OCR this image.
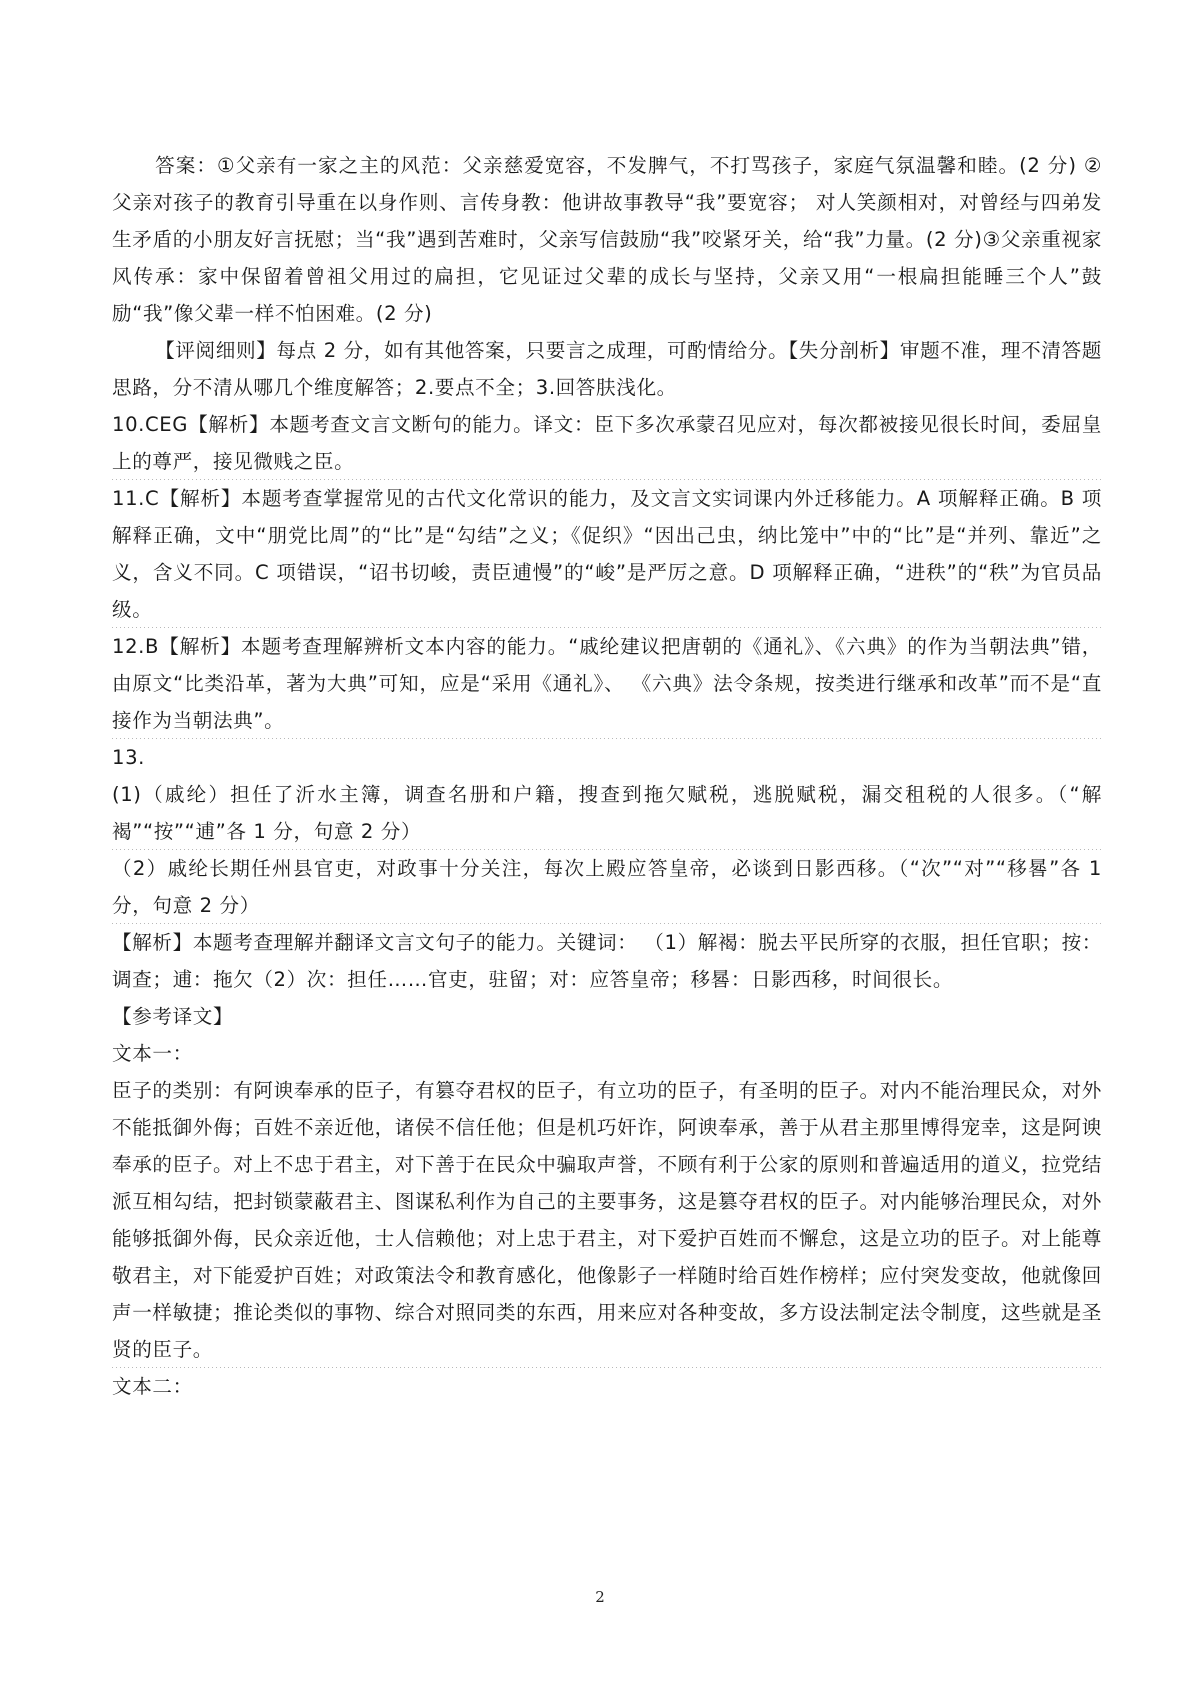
答案：①父亲有一家之主的风范：父亲慈爱宽容，不发脾气，不打骂孩子，家庭气氛温馨和睦。(2 分) ②父亲对孩子的教育引导重在以身作则、言传身教：他讲故事教导“我”要宽容； 对人笑颜相对，对曾经与四弟发生矛盾的小朋友好言抚慰；当“我”遇到苦难时，父亲写信鼓励“我”咬紧牙关，给“我”力量。(2 分)③父亲重视家风传承：家中保留着曾祖父用过的扁担，它见证过父辈的成长与坚持，父亲又用“一根扁担能睡三个人”鼓励“我”像父辈一样不怕困难。(2 分)

【评阅细则】每点 2 分，如有其他答案，只要言之成理，可酌情给分。【失分剖析】审题不准，理不清答题思路，分不清从哪几个维度解答；2.要点不全；3.回答肤浅化。

10.CEG【解析】本题考查文言文断句的能力。译文：臣下多次承蒙召见应对，每次都被接见很长时间，委屈皇上的尊严，接见微贱之臣。

11.C【解析】本题考查掌握常见的古代文化常识的能力，及文言文实词课内外迁移能力。A 项解释正确。B 项解释正确，文中“朋党比周”的“比”是“勾结”之义；《促织》“因出己虫，纳比笼中”中的“比”是“并列、靠近”之义，含义不同。C 项错误，“诏书切峻，责臣逋慢”的“峻”是严厉之意。D 项解释正确，“进秩”的“秩”为官员品级。

12.B【解析】本题考查理解辨析文本内容的能力。“戚纶建议把唐朝的《通礼》、《六典》的作为当朝法典”错，由原文“比类沿革，著为大典”可知，应是“采用《通礼》、 《六典》法令条规，按类进行继承和改革”而不是“直接作为当朝法典”。

13.

(1)（戚纶）担任了沂水主簿，调查名册和户籍，搜查到拖欠赋税，逃脱赋税，漏交租税的人很多。（“解褐”“按”“逋”各 1 分，句意 2 分）

（2）戚纶长期任州县官吏，对政事十分关注，每次上殿应答皇帝，必谈到日影西移。（“次”“对”“移晷”各 1 分，句意 2 分）

【解析】本题考查理解并翻译文言文句子的能力。关键词： （1）解褐：脱去平民所穿的衣服，担任官职；按：调查；逋：拖欠（2）次：担任……官吏，驻留；对：应答皇帝；移晷：日影西移，时间很长。

【参考译文】

文本一：

臣子的类别：有阿谀奉承的臣子，有篡夺君权的臣子，有立功的臣子，有圣明的臣子。对内不能治理民众，对外不能抵御外侮；百姓不亲近他，诸侯不信任他；但是机巧奸诈，阿谀奉承，善于从君主那里博得宠幸，这是阿谀奉承的臣子。对上不忠于君主，对下善于在民众中骗取声誉，不顾有利于公家的原则和普遍适用的道义，拉党结派互相勾结，把封锁蒙蔽君主、图谋私利作为自己的主要事务，这是篡夺君权的臣子。对内能够治理民众，对外能够抵御外侮，民众亲近他，士人信赖他；对上忠于君主，对下爱护百姓而不懈怠，这是立功的臣子。对上能尊敬君主，对下能爱护百姓；对政策法令和教育感化，他像影子一样随时给百姓作榜样；应付突发变故，他就像回声一样敏捷；推论类似的事物、综合对照同类的东西，用来应对各种变故，多方设法制定法令制度，这些就是圣贤的臣子。

文本二：

2
